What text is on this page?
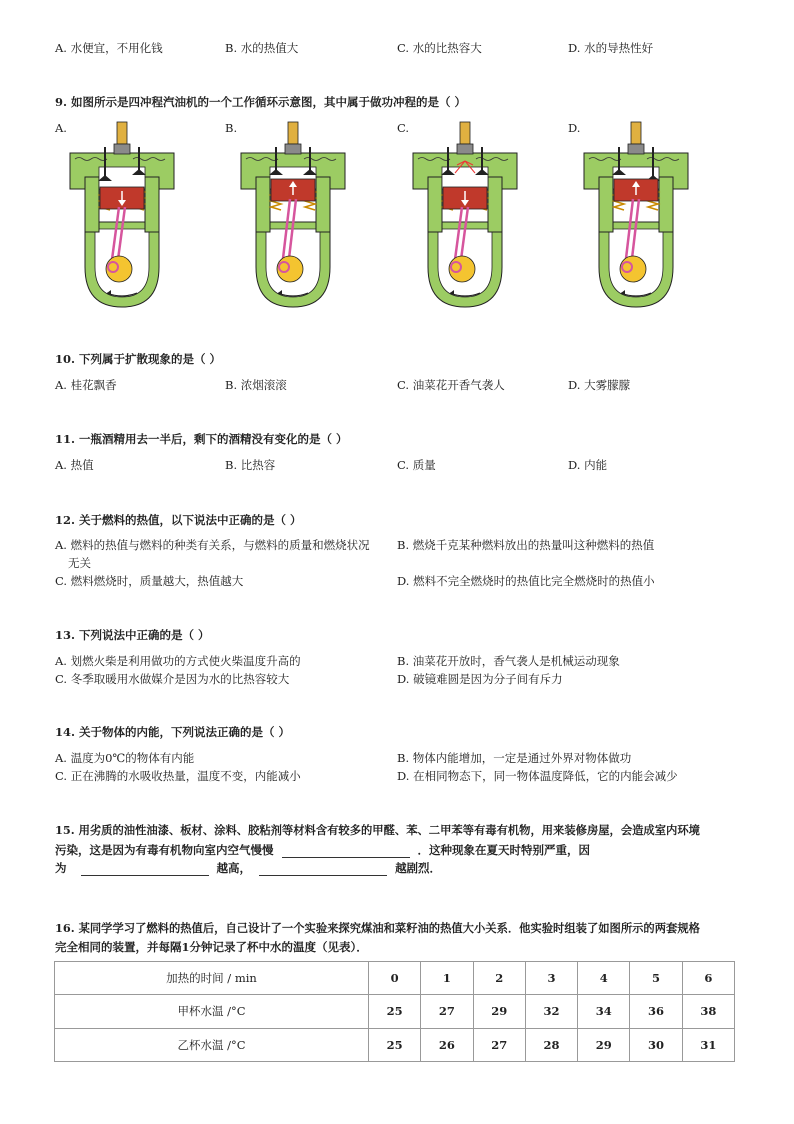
A. 水便宜，不用化钱	B. 水的热值大	C. 水的比热容大	D. 水的导热性好
9. 如图所示是四冲程汽油机的一个工作循环示意图，其中属于做功冲程的是（ ）
A.	B.	C.	D.
10. 下列属于扩散现象的是（ ）
A. 桂花飘香	B. 浓烟滚滚	C. 油菜花开香气袭人	D. 大雾朦朦
11. 一瓶酒精用去一半后，剩下的酒精没有变化的是（ ）
A. 热值	B. 比热容	C. 质量	D. 内能
12. 关于燃料的热值，以下说法中正确的是（ ）
A. 燃料的热值与燃料的种类有关系，与燃料的质量和燃烧状况
无关
B. 燃烧千克某种燃料放出的热量叫这种燃料的热值
C. 燃料燃烧时，质量越大，热值越大	D. 燃料不完全燃烧时的热值比完全燃烧时的热值小
13. 下列说法中正确的是（ ）
A. 划燃火柴是利用做功的方式使火柴温度升高的	B. 油菜花开放时，香气袭人是机械运动现象
C. 冬季取暖用水做媒介是因为水的比热容较大	D. 破镜难圆是因为分子间有斥力
14. 关于物体的内能，下列说法正确的是（ ）
A. 温度为0℃的物体有内能	B. 物体内能增加，一定是通过外界对物体做功
C. 正在沸腾的水吸收热量，温度不变，内能减小	D. 在相同物态下，同一物体温度降低，它的内能会减少
15. 用劣质的油性油漆、板材、涂料、胶粘剂等材料含有较多的甲醛、苯、二甲苯等有毒有机物，用来装修房屋，会造成室内环境
污染，这是因为有毒有机物向室内空气慢慢	．这种现象在夏天时特别严重，因
为	越高，	越剧烈．
16. 某同学学习了燃料的热值后，自己设计了一个实验来探究煤油和菜籽油的热值大小关系．他实验时组装了如图所示的两套规格
完全相同的装置，并每隔1分钟记录了杯中水的温度（见表）．
加热的时间 / min	0	1	2	3	4	5	6
甲杯水温 /°C	25	27	29	32	34	36	38
乙杯水温 /°C	25	26	27	28	29	30	31
